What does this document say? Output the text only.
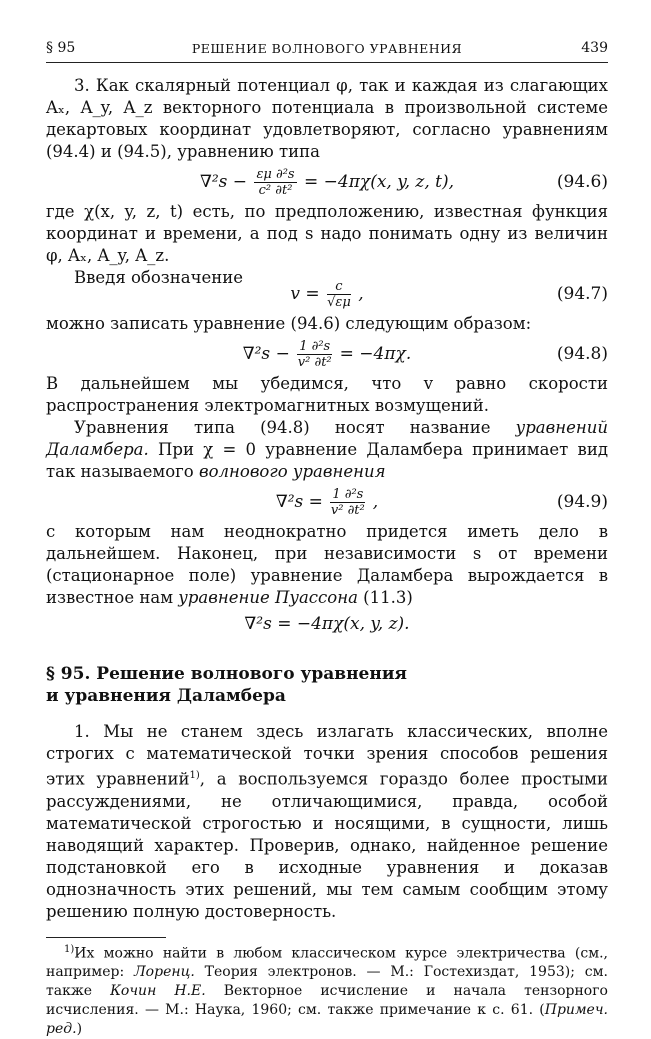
§ 95	РЕШЕНИЕ ВОЛНОВОГО УРАВНЕНИЯ	439

3. Как скалярный потенциал φ, так и каждая из слагающих Aₓ, A_y, A_z векторного потенциала в произвольной системе декартовых координат удовлетворяют, согласно уравнениям (94.4) и (94.5), уравнению типа

$\nabla^2s - \frac{\text{εμ ∂²s}}{\text{c² ∂t²}} = -4\pi\chi(x$, y, z, t),	(94.6)

где χ(x, y, z, t) есть, по предположению, известная функция координат и времени, а под s надо понимать одну из величин φ, Aₓ, A_y, A_z.

Введя обозначение
$v = \frac{c}{√\varepsilon\mu}$ ,	(94.7)

можно записать уравнение (94.6) следующим образом:

$\nabla^2s - \frac{\text{1 ∂²s}}{\text{v² ∂t²}} = -4\pi\chi$.	(94.8)

В дальнейшем мы убедимся, что v равно скорости распространения электромагнитных возмущений.

Уравнения типа (94.8) носят название уравнений Даламбера. При χ = 0 уравнение Даламбера принимает вид так называемого волнового уравнения

$\nabla^2s = \frac{\text{1 ∂²s}}{\text{v² ∂t²}}$ ,	(94.9)

с которым нам неоднократно придется иметь дело в дальнейшем. Наконец, при независимости s от времени (стационарное поле) уравнение Даламбера вырождается в известное нам уравнение Пуассона (11.3)

∇²s = −4πχ(x, y, z).
§ 95. Решение волнового уравнения
и уравнения Даламбера

1. Мы не станем здесь излагать классических, вполне строгих с математической точки зрения способов решения этих уравнений$^{1)}$, а воспользуемся гораздо более простыми рассуждениями, не отличающимися, правда, особой математической строгостью и носящими, в сущности, лишь наводящий характер. Проверив, однако, найденное решение подстановкой его в исходные уравнения и доказав однозначность этих решений, мы тем самым сообщим этому решению полную достоверность.

$^{1)}$Их можно найти в любом классическом курсе электричества (см., например: Лоренц. Теория электронов. — М.: Гостехиздат, 1953); см. также Кочин Н.Е. Векторное исчисление и начала тензорного исчисления. — М.: Наука, 1960; см. также примечание к с. 61. (Примеч. ред.)
